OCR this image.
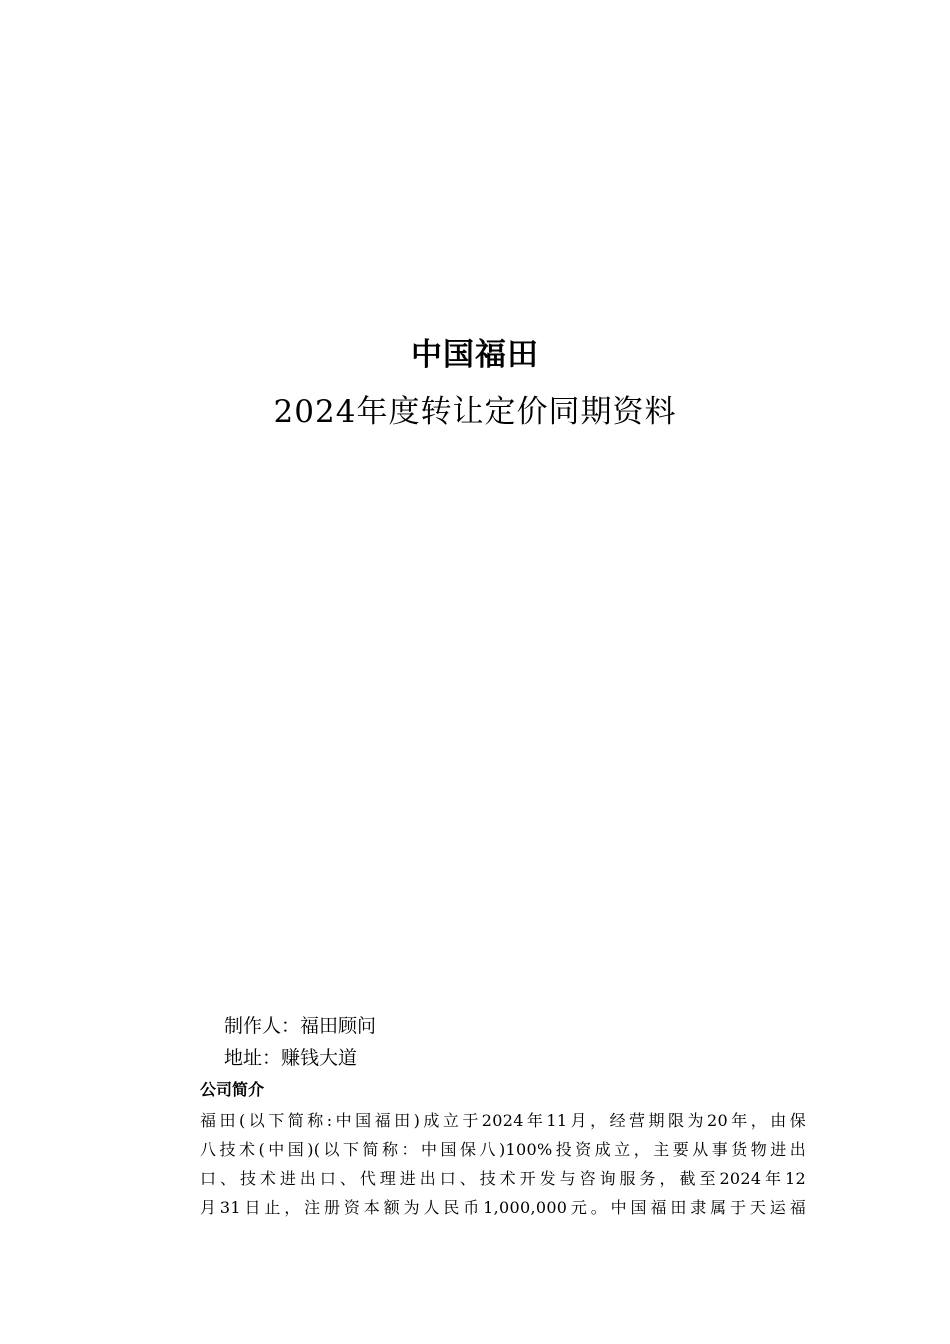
中国福田
2024年度转让定价同期资料
制作人：福田顾问
地址：赚钱大道
公司简介
福田(以下简称:中国福田)成立于2024年11月，经营期限为20年，由保
八技术(中国)(以下简称：中国保八)100%投资成立，主要从事货物进出
口、技术进出口、代理进出口、技术开发与咨询服务，截至2024年12
月31日止，注册资本额为人民币1,000,000元。中国福田隶属于天运福
